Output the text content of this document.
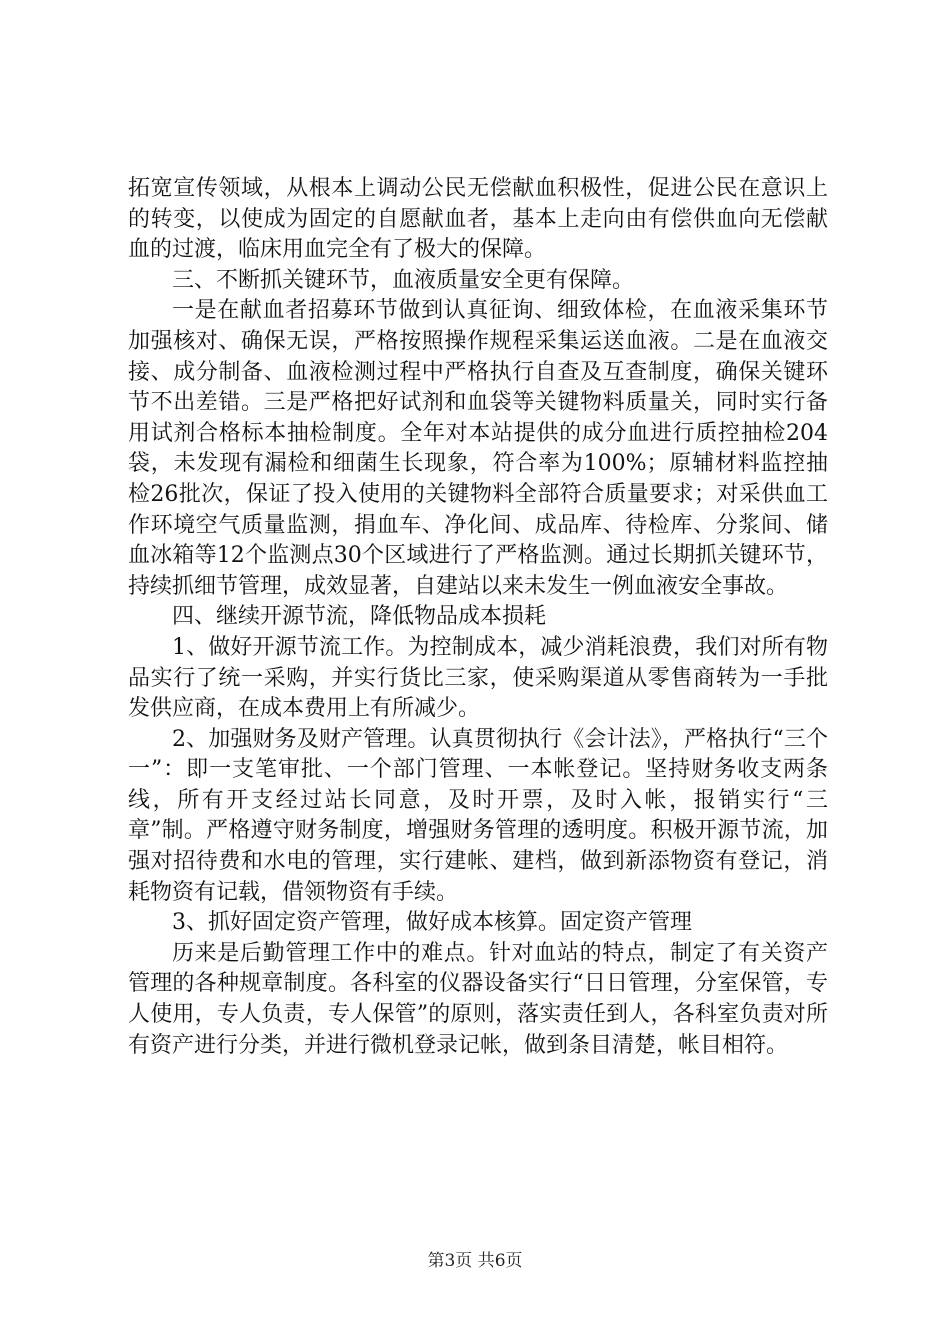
拓宽宣传领域，从根本上调动公民无偿献血积极性，促进公民在意识上的转变，以使成为固定的自愿献血者，基本上走向由有偿供血向无偿献血的过渡，临床用血完全有了极大的保障。

三、不断抓关键环节，血液质量安全更有保障。

一是在献血者招募环节做到认真征询、细致体检，在血液采集环节加强核对、确保无误，严格按照操作规程采集运送血液。二是在血液交接、成分制备、血液检测过程中严格执行自查及互查制度，确保关键环节不出差错。三是严格把好试剂和血袋等关键物料质量关，同时实行备用试剂合格标本抽检制度。全年对本站提供的成分血进行质控抽检204袋，未发现有漏检和细菌生长现象，符合率为100%；原辅材料监控抽检26批次，保证了投入使用的关键物料全部符合质量要求；对采供血工作环境空气质量监测，捐血车、净化间、成品库、待检库、分浆间、储血冰箱等12个监测点30个区域进行了严格监测。通过长期抓关键环节，持续抓细节管理，成效显著，自建站以来未发生一例血液安全事故。

四、继续开源节流，降低物品成本损耗

1、做好开源节流工作。为控制成本，减少消耗浪费，我们对所有物品实行了统一采购，并实行货比三家，使采购渠道从零售商转为一手批发供应商，在成本费用上有所减少。

2、加强财务及财产管理。认真贯彻执行《会计法》，严格执行“三个一”：即一支笔审批、一个部门管理、一本帐登记。坚持财务收支两条线，所有开支经过站长同意，及时开票，及时入帐，报销实行“三章”制。严格遵守财务制度，增强财务管理的透明度。积极开源节流，加强对招待费和水电的管理，实行建帐、建档，做到新添物资有登记，消耗物资有记载，借领物资有手续。

3、抓好固定资产管理，做好成本核算。固定资产管理

历来是后勤管理工作中的难点。针对血站的特点，制定了有关资产管理的各种规章制度。各科室的仪器设备实行“日日管理，分室保管，专人使用，专人负责，专人保管”的原则，落实责任到人，各科室负责对所有资产进行分类，并进行微机登录记帐，做到条目清楚，帐目相符。

第3页 共6页
